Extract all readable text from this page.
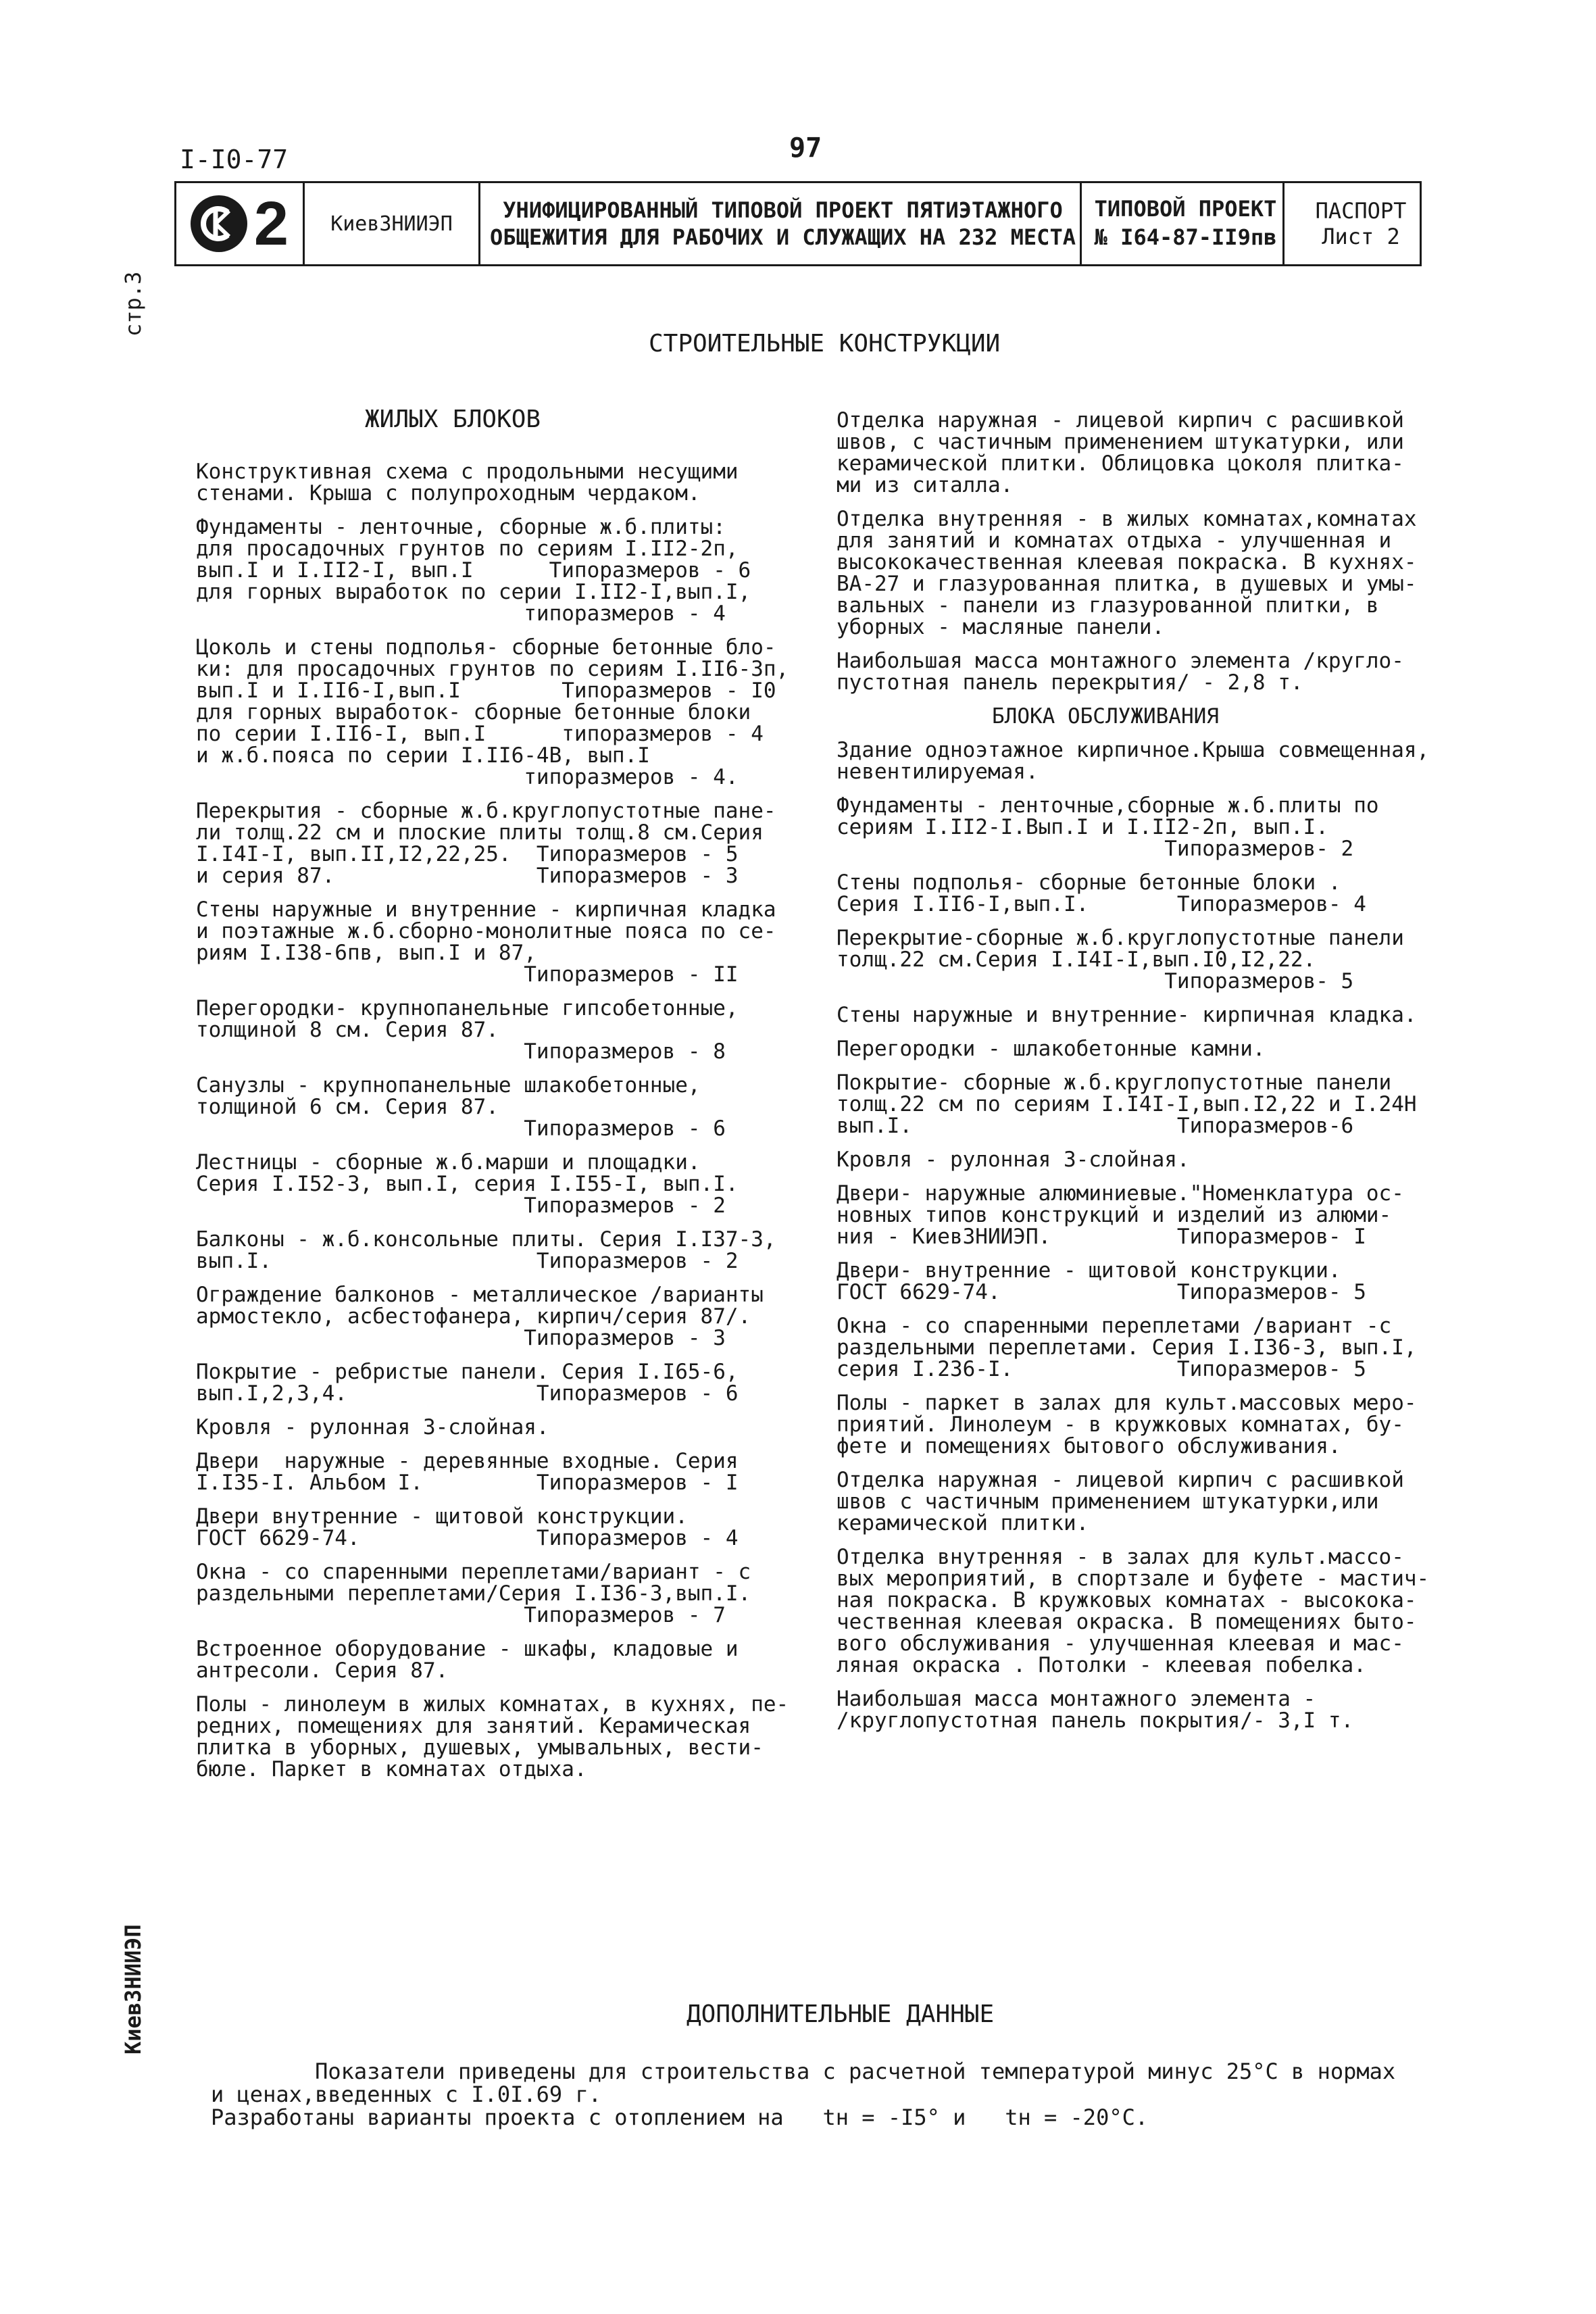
I-I0-77	97
2	КиевЗНИИЭП
УНИФИЦИРОВАННЫЙ ТИПОВОЙ ПРОЕКТ ПЯТИЭТАЖНОГО
ОБЩЕЖИТИЯ ДЛЯ РАБОЧИХ И СЛУЖАЩИХ НА 232 МЕСТА
ТИПОВОЙ ПРОЕКТ
№ I64-87-II9пв
ПАСПОРТ
Лист 2
стр.3
КиевЗНИИЭП
СТРОИТЕЛЬНЫЕ КОНСТРУКЦИИ
ЖИЛЫХ БЛОКОВ

Конструктивная схема с продольными несущими
стенами. Крыша с полупроходным чердаком.

Фундаменты - ленточные, сборные ж.б.плиты:
для просадочных грунтов по сериям I.II2-2п,
вып.I и I.II2-I, вып.I      Типоразмеров - 6
для горных выработок по серии I.II2-I,вып.I,
типоразмеров - 4

Цоколь и стены подполья- сборные бетонные бло-
ки: для просадочных грунтов по сериям I.II6-3п,
вып.I и I.II6-I,вып.I        Типоразмеров - I0
для горных выработок- сборные бетонные блоки
по серии I.II6-I, вып.I      типоразмеров - 4
и ж.б.пояса по серии I.II6-4В, вып.I
типоразмеров - 4.

Перекрытия - сборные ж.б.круглопустотные пане-
ли толщ.22 см и плоские плиты толщ.8 см.Серия
I.I4I-I, вып.II,I2,22,25.  Типоразмеров - 5
и серия 87.                Типоразмеров - 3

Стены наружные и внутренние - кирпичная кладка
и поэтажные ж.б.сборно-монолитные пояса по се-
риям I.I38-6пв, вып.I и 87,
Типоразмеров - II

Перегородки- крупнопанельные гипсобетонные,
толщиной 8 см. Серия 87.
Типоразмеров - 8

Санузлы - крупнопанельные шлакобетонные,
толщиной 6 см. Серия 87.
Типоразмеров - 6

Лестницы - сборные ж.б.марши и площадки.
Серия I.I52-3, вып.I, серия I.I55-I, вып.I.
Типоразмеров - 2

Балконы - ж.б.консольные плиты. Серия I.I37-3,
вып.I.                     Типоразмеров - 2

Ограждение балконов - металлическое /варианты
армостекло, асбестофанера, кирпич/серия 87/.
Типоразмеров - 3

Покрытие - ребристые панели. Серия I.I65-6,
вып.I,2,3,4.               Типоразмеров - 6

Кровля - рулонная 3-слойная.

Двери  наружные - деревянные входные. Серия
I.I35-I. Альбом I.         Типоразмеров - I

Двери внутренние - щитовой конструкции.
ГОСТ 6629-74.              Типоразмеров - 4

Окна - со спаренными переплетами/вариант - с
раздельными переплетами/Серия I.I36-3,вып.I.
Типоразмеров - 7

Встроенное оборудование - шкафы, кладовые и
антресоли. Серия 87.

Полы - линолеум в жилых комнатах, в кухнях, пе-
редних, помещениях для занятий. Керамическая
плитка в уборных, душевых, умывальных, вести-
бюле. Паркет в комнатах отдыха.

Отделка наружная - лицевой кирпич с расшивкой
швов, с частичным применением штукатурки, или
керамической плитки. Облицовка цоколя плитка-
ми из ситалла.

Отделка внутренняя - в жилых комнатах,комнатах
для занятий и комнатах отдыха - улучшенная и
высококачественная клеевая покраска. В кухнях-
ВА-27 и глазурованная плитка, в душевых и умы-
вальных - панели из глазурованной плитки, в
уборных - масляные панели.

Наибольшая масса монтажного элемента /кругло-
пустотная панель перекрытия/ - 2,8 т.

БЛОКА ОБСЛУЖИВАНИЯ

Здание одноэтажное кирпичное.Крыша совмещенная,
невентилируемая.

Фундаменты - ленточные,сборные ж.б.плиты по
сериям I.II2-I.Вып.I и I.II2-2п, вып.I.
Типоразмеров- 2

Стены подполья- сборные бетонные блоки .
Серия I.II6-I,вып.I.       Типоразмеров- 4

Перекрытие-сборные ж.б.круглопустотные панели
толщ.22 см.Серия I.I4I-I,вып.I0,I2,22.
Типоразмеров- 5

Стены наружные и внутренние- кирпичная кладка.

Перегородки - шлакобетонные камни.

Покрытие- сборные ж.б.круглопустотные панели
толщ.22 см по сериям I.I4I-I,вып.I2,22 и I.24Н
вып.I.                     Типоразмеров-6

Кровля - рулонная 3-слойная.

Двери- наружные алюминиевые."Номенклатура ос-
новных типов конструкций и изделий из алюми-
ния - КиевЗНИИЭП.          Типоразмеров- I

Двери- внутренние - щитовой конструкции.
ГОСТ 6629-74.              Типоразмеров- 5

Окна - со спаренными переплетами /вариант -с
раздельными переплетами. Серия I.I36-3, вып.I,
серия I.236-I.             Типоразмеров- 5

Полы - паркет в залах для культ.массовых меро-
приятий. Линолеум - в кружковых комнатах, бу-
фете и помещениях бытового обслуживания.

Отделка наружная - лицевой кирпич с расшивкой
швов с частичным применением штукатурки,или
керамической плитки.

Отделка внутренняя - в залах для культ.массо-
вых мероприятий, в спортзале и буфете - мастич-
ная покраска. В кружковых комнатах - высокока-
чественная клеевая окраска. В помещениях быто-
вого обслуживания - улучшенная клеевая и мас-
ляная окраска . Потолки - клеевая побелка.

Наибольшая масса монтажного элемента -
/круглопустотная панель покрытия/- 3,I т.

ДОПОЛНИТЕЛЬНЫЕ ДАННЫЕ

Показатели приведены для строительства с расчетной температурой минус 25°С в нормах

и ценах,введенных с I.0I.69 г.

Разработаны варианты проекта с отоплением на   tн = -I5° и   tн = -20°С.
